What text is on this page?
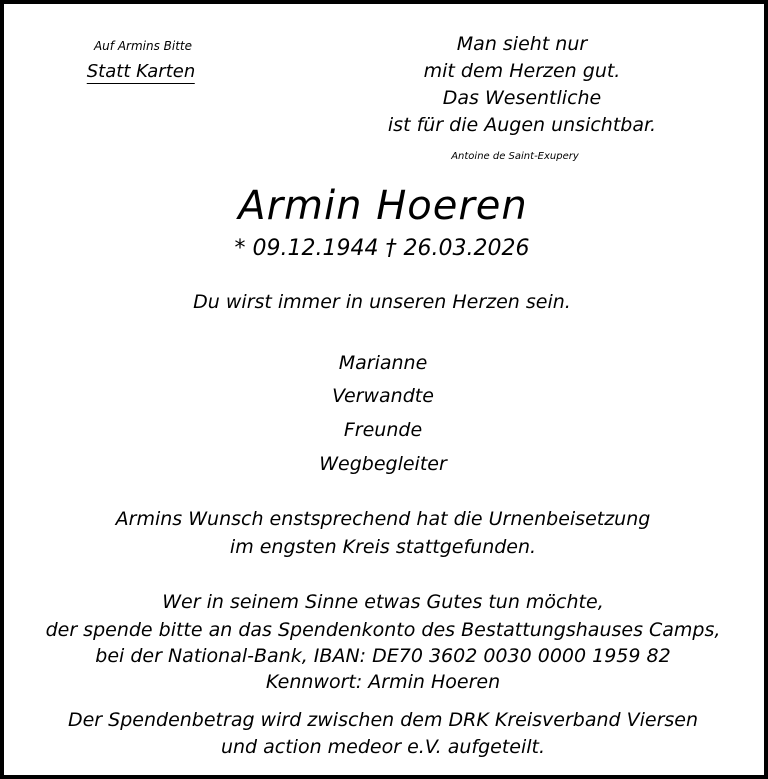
Auf Armins Bitte
Statt Karten
Man sieht nur
mit dem Herzen gut.
Das Wesentliche
ist für die Augen unsichtbar.
Antoine de Saint-Exupery
Armin Hoeren
* 09.12.1944 † 26.03.2026
Du wirst immer in unseren Herzen sein.
Marianne
Verwandte
Freunde
Wegbegleiter
Armins Wunsch enstsprechend hat die Urnenbeisetzung
im engsten Kreis stattgefunden.
Wer in seinem Sinne etwas Gutes tun möchte,
der spende bitte an das Spendenkonto des Bestattungshauses Camps,
bei der National-Bank, IBAN: DE70 3602 0030 0000 1959 82
Kennwort: Armin Hoeren
Der Spendenbetrag wird zwischen dem DRK Kreisverband Viersen
und action medeor e.V. aufgeteilt.
